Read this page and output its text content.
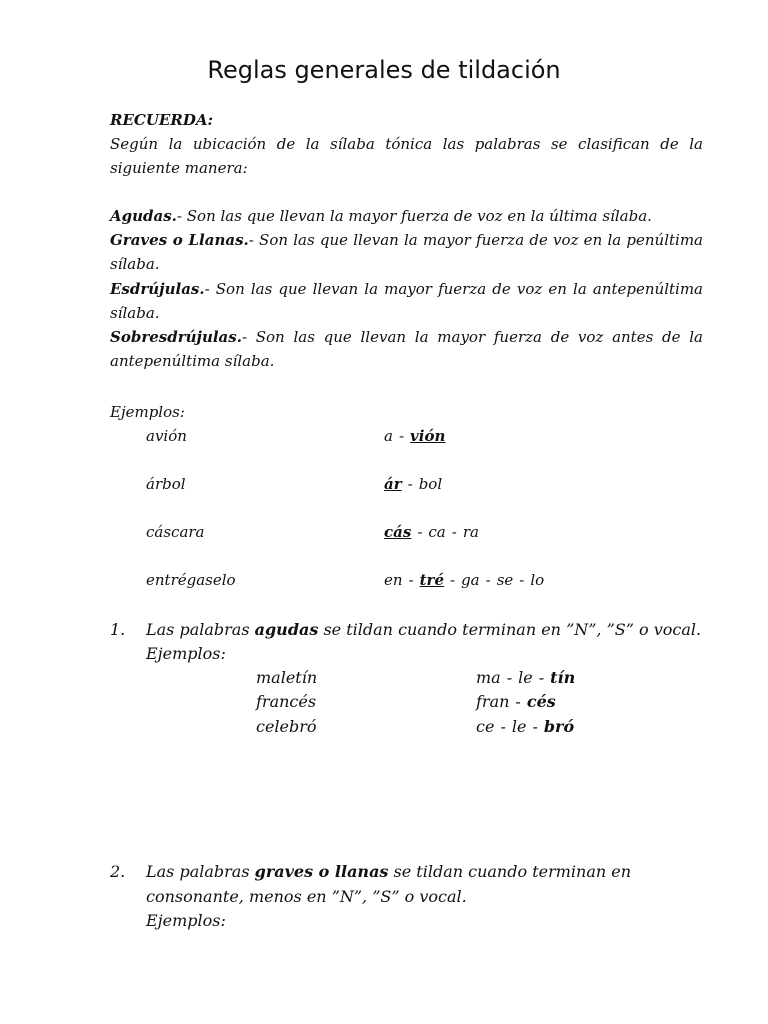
Reglas generales de tildación
RECUERDA:
Según la ubicación de la sílaba tónica las palabras se clasifican de la siguiente manera:
Agudas.- Son las que llevan la mayor fuerza de voz en la última sílaba.
Graves o Llanas.- Son las que llevan la mayor fuerza de voz en la penúltima sílaba.
Esdrújulas.- Son las que llevan la mayor fuerza de voz en la antepenúltima sílaba.
Sobresdrújulas.- Son las que llevan la mayor fuerza de voz antes de la antepenúltima sílaba.
Ejemplos:
avión	a - vión
árbol	ár - bol
cáscara	cás - ca - ra
entrégaselo	en - tré - ga - se - lo
1. Las palabras agudas se tildan cuando terminan en ”N”, ”S” o vocal.
Ejemplos:
maletín	ma - le - tín
francés	fran - cés
celebró	ce - le - bró
2. Las palabras graves o llanas se tildan cuando terminan en
consonante, menos en ”N”, ”S” o vocal.
Ejemplos:
